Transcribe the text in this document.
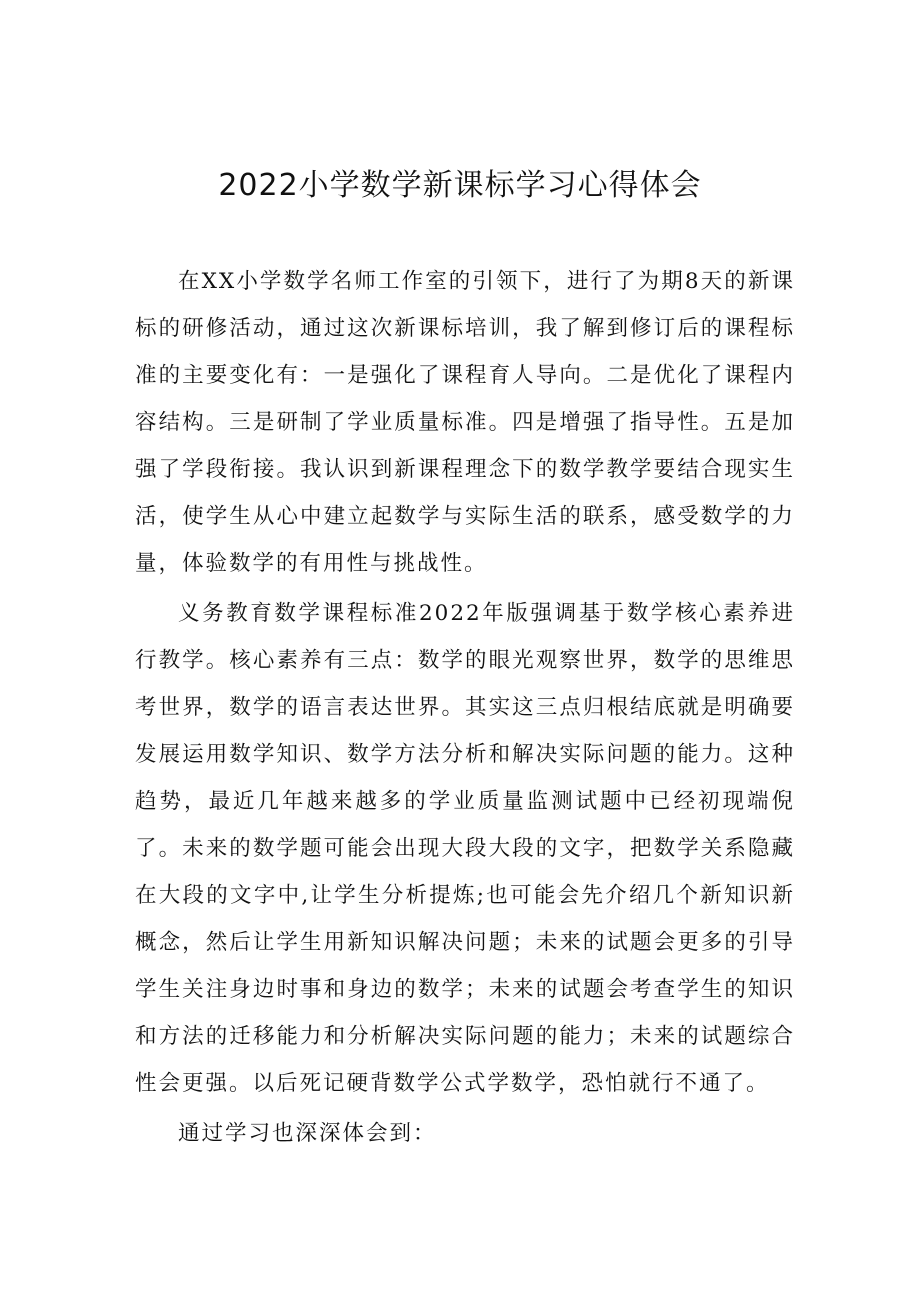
2022小学数学新课标学习心得体会

在XX小学数学名师工作室的引领下，进行了为期8天的新课标的研修活动，通过这次新课标培训，我了解到修订后的课程标准的主要变化有：一是强化了课程育人导向。二是优化了课程内容结构。三是研制了学业质量标准。四是增强了指导性。五是加强了学段衔接。我认识到新课程理念下的数学教学要结合现实生活，使学生从心中建立起数学与实际生活的联系，感受数学的力量，体验数学的有用性与挑战性。

义务教育数学课程标准2022年版强调基于数学核心素养进行教学。核心素养有三点：数学的眼光观察世界，数学的思维思考世界，数学的语言表达世界。其实这三点归根结底就是明确要发展运用数学知识、数学方法分析和解决实际问题的能力。这种趋势，最近几年越来越多的学业质量监测试题中已经初现端倪了。未来的数学题可能会出现大段大段的文字，把数学关系隐藏在大段的文字中,让学生分析提炼;也可能会先介绍几个新知识新概念，然后让学生用新知识解决问题；未来的试题会更多的引导学生关注身边时事和身边的数学；未来的试题会考查学生的知识和方法的迁移能力和分析解决实际问题的能力；未来的试题综合性会更强。以后死记硬背数学公式学数学，恐怕就行不通了。

通过学习也深深体会到：
